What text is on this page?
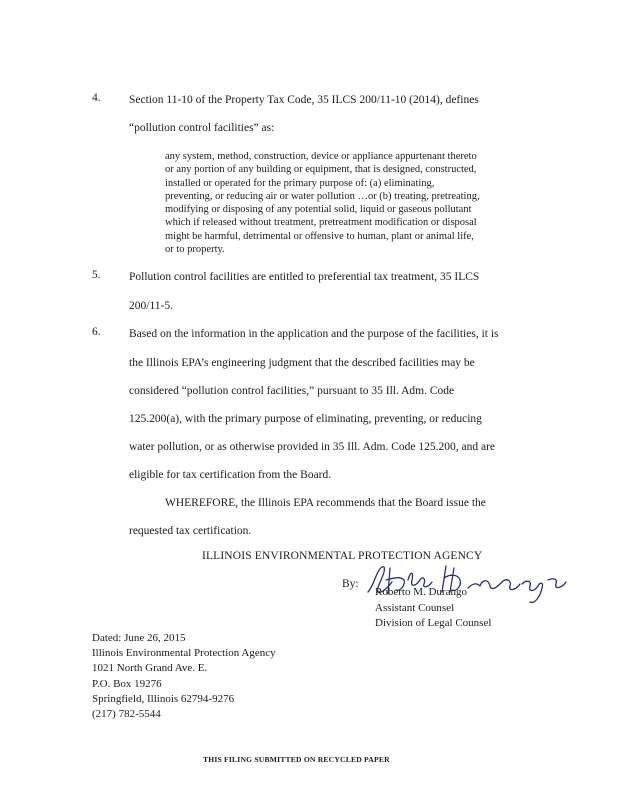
4. Section 11-10 of the Property Tax Code, 35 ILCS 200/11-10 (2014), defines
“pollution control facilities” as:
any system, method, construction, device or appliance appurtenant thereto
or any portion of any building or equipment, that is designed, constructed,
installed or operated for the primary purpose of: (a) eliminating,
preventing, or reducing air or water pollution …or (b) treating, pretreating,
modifying or disposing of any potential solid, liquid or gaseous pollutant
which if released without treatment, pretreatment modification or disposal
might be harmful, detrimental or offensive to human, plant or animal life,
or to property.
5. Pollution control facilities are entitled to preferential tax treatment, 35 ILCS
200/11-5.
6. Based on the information in the application and the purpose of the facilities, it is
the Illinois EPA’s engineering judgment that the described facilities may be
considered “pollution control facilities,” pursuant to 35 Ill. Adm. Code
125.200(a), with the primary purpose of eliminating, preventing, or reducing
water pollution, or as otherwise provided in 35 Ill. Adm. Code 125.200, and are
eligible for tax certification from the Board.
WHEREFORE, the Illinois EPA recommends that the Board issue the
requested tax certification.
ILLINOIS ENVIRONMENTAL PROTECTION AGENCY
By:
Roberto M. Durango
Assistant Counsel
Division of Legal Counsel
Dated: June 26, 2015
Illinois Environmental Protection Agency
1021 North Grand Ave. E.
P.O. Box 19276
Springfield, Illinois 62794-9276
(217) 782-5544
THIS FILING SUBMITTED ON RECYCLED PAPER
